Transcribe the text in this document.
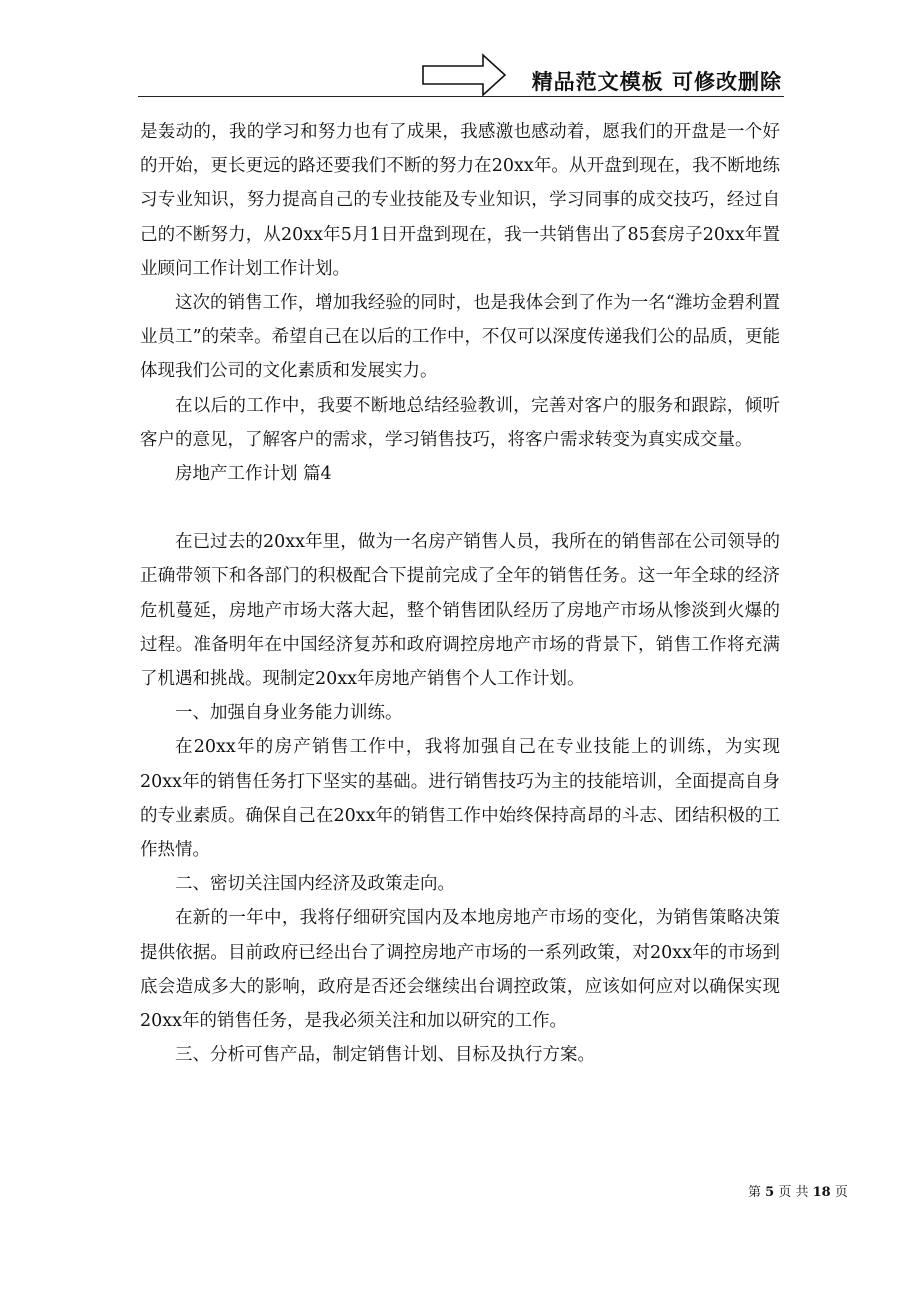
精品范文模板 可修改删除

是轰动的，我的学习和努力也有了成果，我感激也感动着，愿我们的开盘是一个好的开始，更长更远的路还要我们不断的努力在20xx年。从开盘到现在，我不断地练习专业知识，努力提高自己的专业技能及专业知识，学习同事的成交技巧，经过自己的不断努力，从20xx年5月1日开盘到现在，我一共销售出了85套房子20xx年置业顾问工作计划工作计划。

这次的销售工作，增加我经验的同时，也是我体会到了作为一名“潍坊金碧利置业员工”的荣幸。希望自己在以后的工作中，不仅可以深度传递我们公的品质，更能体现我们公司的文化素质和发展实力。

在以后的工作中，我要不断地总结经验教训，完善对客户的服务和跟踪，倾听客户的意见，了解客户的需求，学习销售技巧，将客户需求转变为真实成交量。

房地产工作计划 篇4

在已过去的20xx年里，做为一名房产销售人员，我所在的销售部在公司领导的正确带领下和各部门的积极配合下提前完成了全年的销售任务。这一年全球的经济危机蔓延，房地产市场大落大起，整个销售团队经历了房地产市场从惨淡到火爆的过程。准备明年在中国经济复苏和政府调控房地产市场的背景下，销售工作将充满了机遇和挑战。现制定20xx年房地产销售个人工作计划。

一、加强自身业务能力训练。

在20xx年的房产销售工作中，我将加强自己在专业技能上的训练，为实现20xx年的销售任务打下坚实的基础。进行销售技巧为主的技能培训，全面提高自身的专业素质。确保自己在20xx年的销售工作中始终保持高昂的斗志、团结积极的工作热情。

二、密切关注国内经济及政策走向。

在新的一年中，我将仔细研究国内及本地房地产市场的变化，为销售策略决策提供依据。目前政府已经出台了调控房地产市场的一系列政策，对20xx年的市场到底会造成多大的影响，政府是否还会继续出台调控政策，应该如何应对以确保实现20xx年的销售任务，是我必须关注和加以研究的工作。

三、分析可售产品，制定销售计划、目标及执行方案。

第 5 页 共 18 页
